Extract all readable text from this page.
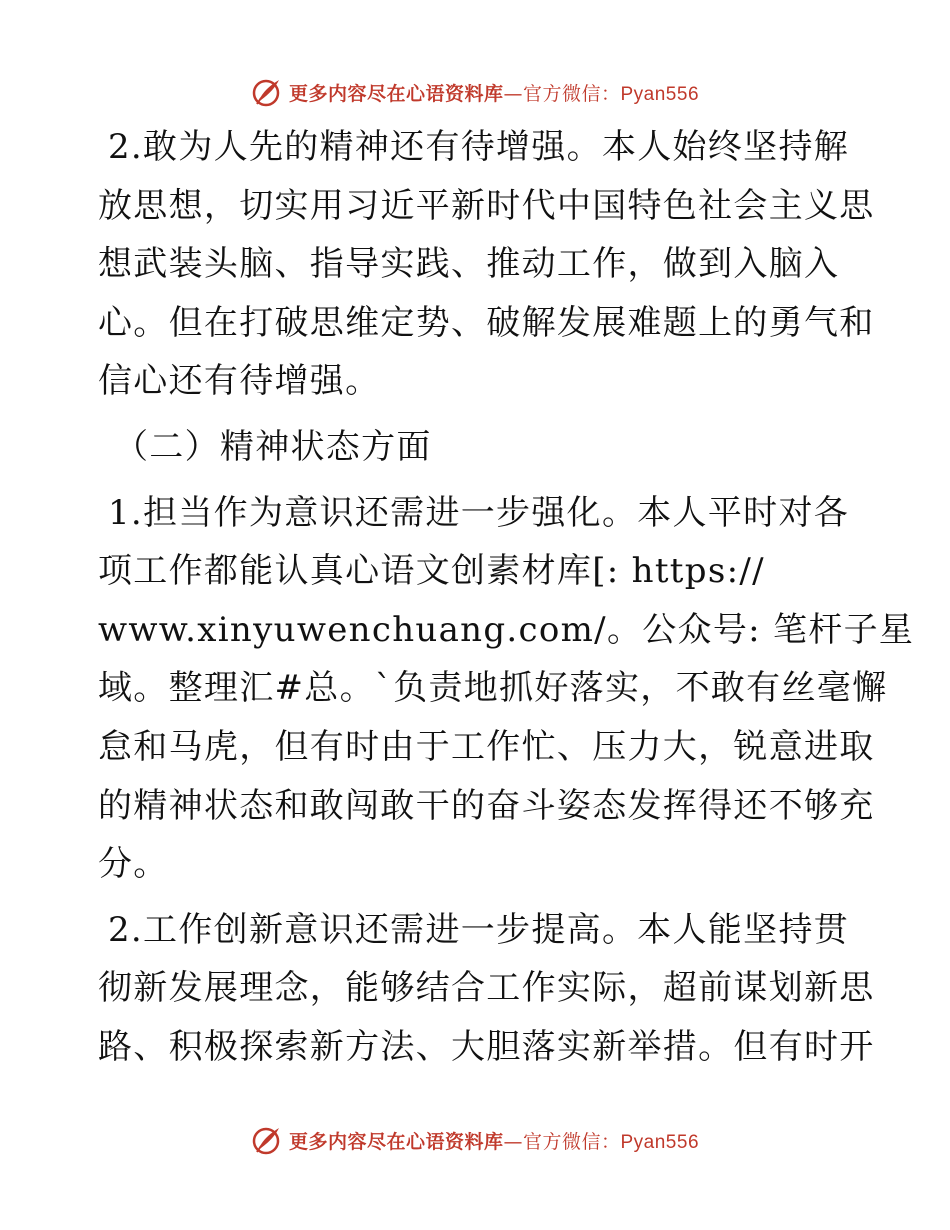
更多内容尽在心语资料库—官方微信：Pyan556
2.敢为人先的精神还有待增强。本人始终坚持解
放思想，切实用习近平新时代中国特色社会主义思
想武装头脑、指导实践、推动工作，做到入脑入
心。但在打破思维定势、破解发展难题上的勇气和
信心还有待增强。
（二）精神状态方面
1.担当作为意识还需进一步强化。本人平时对各
项工作都能认真心语文创素材库[: https://
www.xinyuwenchuang.com/。公众号: 笔杆子星
域。整理汇#总。`负责地抓好落实，不敢有丝毫懈
怠和马虎，但有时由于工作忙、压力大，锐意进取
的精神状态和敢闯敢干的奋斗姿态发挥得还不够充
分。
2.工作创新意识还需进一步提高。本人能坚持贯
彻新发展理念，能够结合工作实际，超前谋划新思
路、积极探索新方法、大胆落实新举措。但有时开
更多内容尽在心语资料库—官方微信：Pyan556
